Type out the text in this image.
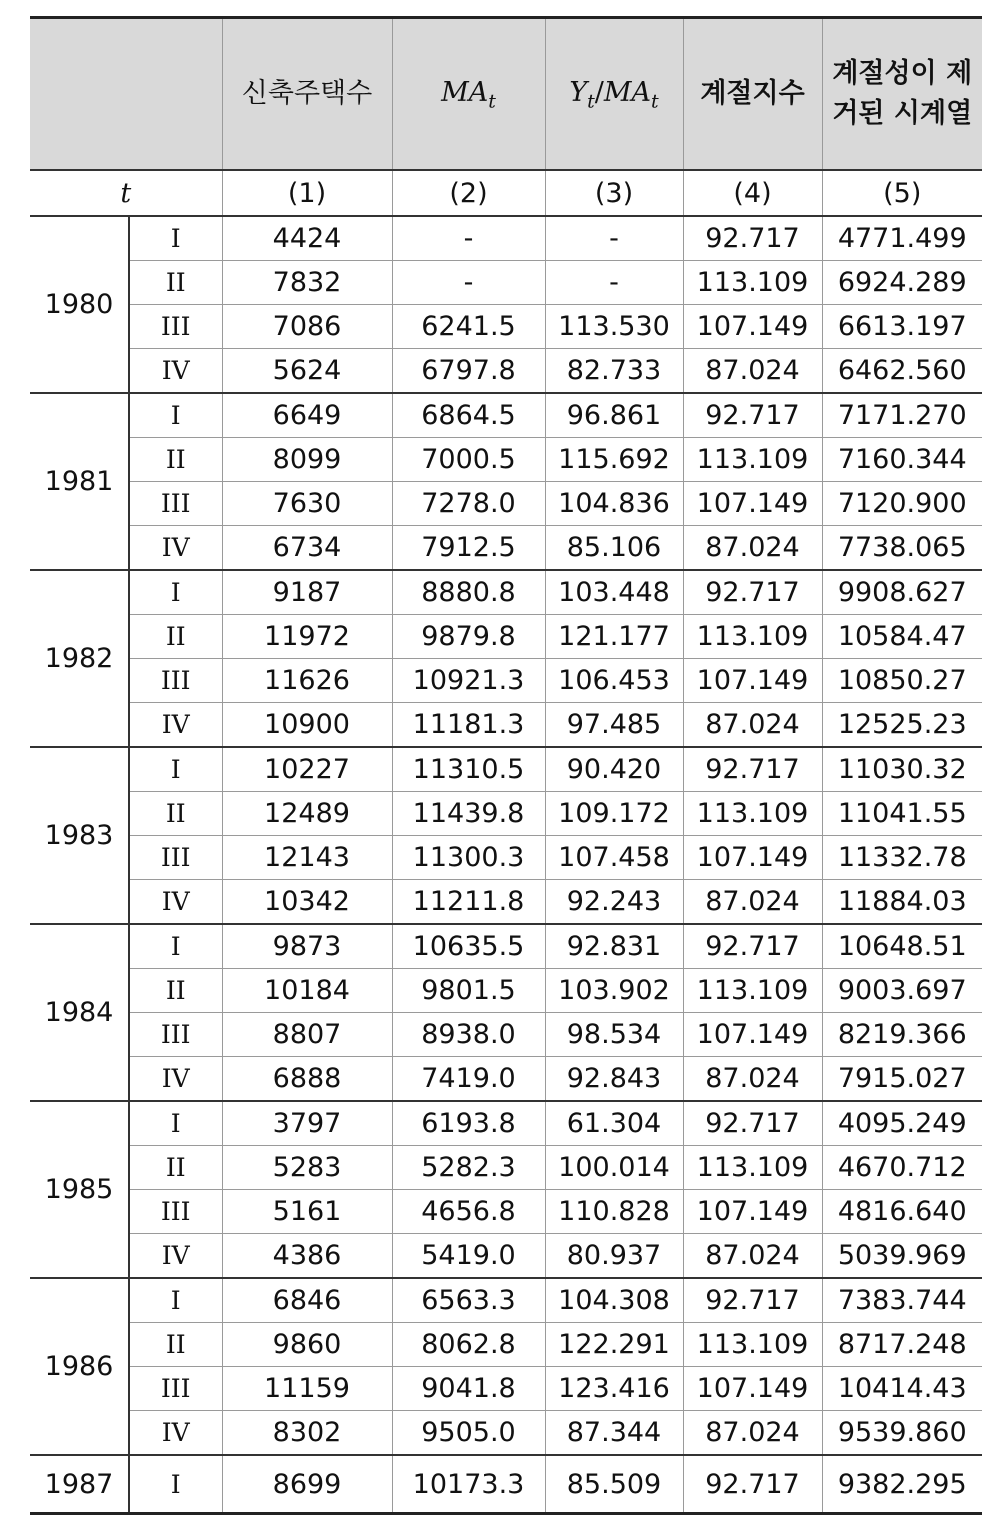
		신축주택수	$MA_t$	$Y_t/MA_t$	계절지수	계절성이 제거된 시계열
t		(1)	(2)	(3)	(4)	(5)
1980	I	4424	-	-	92.717	4771.499
	II	7832	-	-	113.109	6924.289
	III	7086	6241.5	113.530	107.149	6613.197
	IV	5624	6797.8	82.733	87.024	6462.560
1981	I	6649	6864.5	96.861	92.717	7171.270
	II	8099	7000.5	115.692	113.109	7160.344
	III	7630	7278.0	104.836	107.149	7120.900
	IV	6734	7912.5	85.106	87.024	7738.065
1982	I	9187	8880.8	103.448	92.717	9908.627
	II	11972	9879.8	121.177	113.109	10584.47
	III	11626	10921.3	106.453	107.149	10850.27
	IV	10900	11181.3	97.485	87.024	12525.23
1983	I	10227	11310.5	90.420	92.717	11030.32
	II	12489	11439.8	109.172	113.109	11041.55
	III	12143	11300.3	107.458	107.149	11332.78
	IV	10342	11211.8	92.243	87.024	11884.03
1984	I	9873	10635.5	92.831	92.717	10648.51
	II	10184	9801.5	103.902	113.109	9003.697
	III	8807	8938.0	98.534	107.149	8219.366
	IV	6888	7419.0	92.843	87.024	7915.027
1985	I	3797	6193.8	61.304	92.717	4095.249
	II	5283	5282.3	100.014	113.109	4670.712
	III	5161	4656.8	110.828	107.149	4816.640
	IV	4386	5419.0	80.937	87.024	5039.969
1986	I	6846	6563.3	104.308	92.717	7383.744
	II	9860	8062.8	122.291	113.109	8717.248
	III	11159	9041.8	123.416	107.149	10414.43
	IV	8302	9505.0	87.344	87.024	9539.860
1987	I	8699	10173.3	85.509	92.717	9382.295
